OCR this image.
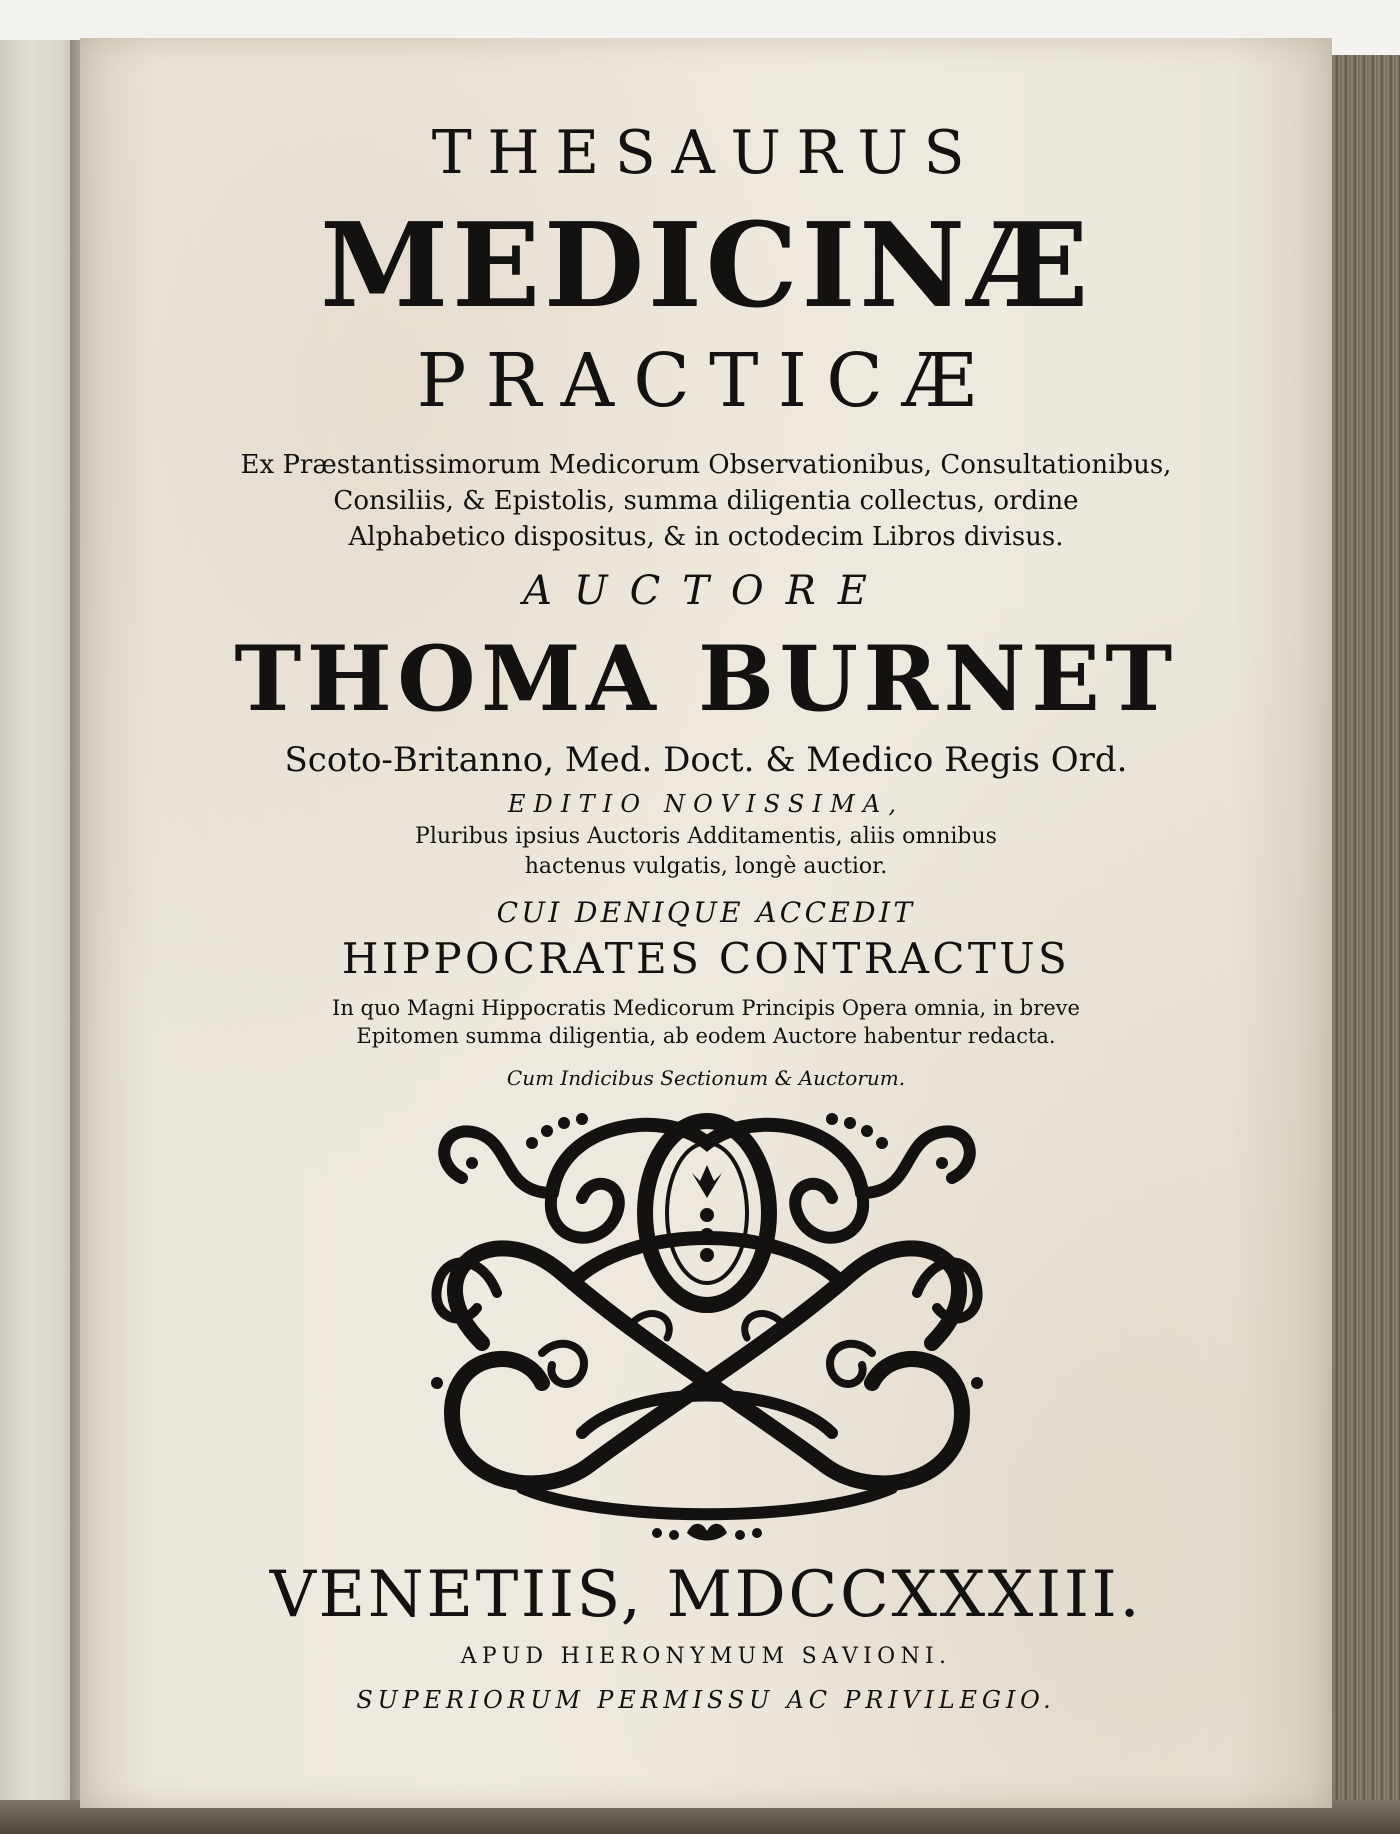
THESAURUS
MEDICINÆ
PRACTICÆ
Ex Præstantissimorum Medicorum Observationibus, Consultationibus,
Consiliis, & Epistolis, summa diligentia collectus, ordine
Alphabetico dispositus, & in octodecim Libros divisus.
AUCTORE
THOMA BURNET
Scoto-Britanno, Med. Doct. & Medico Regis Ord.
EDITIO NOVISSIMA,
Pluribus ipsius Auctoris Additamentis, aliis omnibus
hactenus vulgatis, longè auctior.
CUI DENIQUE ACCEDIT
HIPPOCRATES CONTRACTUS
In quo Magni Hippocratis Medicorum Principis Opera omnia, in breve
Epitomen summa diligentia, ab eodem Auctore habentur redacta.
Cum Indicibus Sectionum & Auctorum.
VENETIIS, MDCCXXXIII.
APUD HIERONYMUM SAVIONI.
SUPERIORUM PERMISSU AC PRIVILEGIO.
